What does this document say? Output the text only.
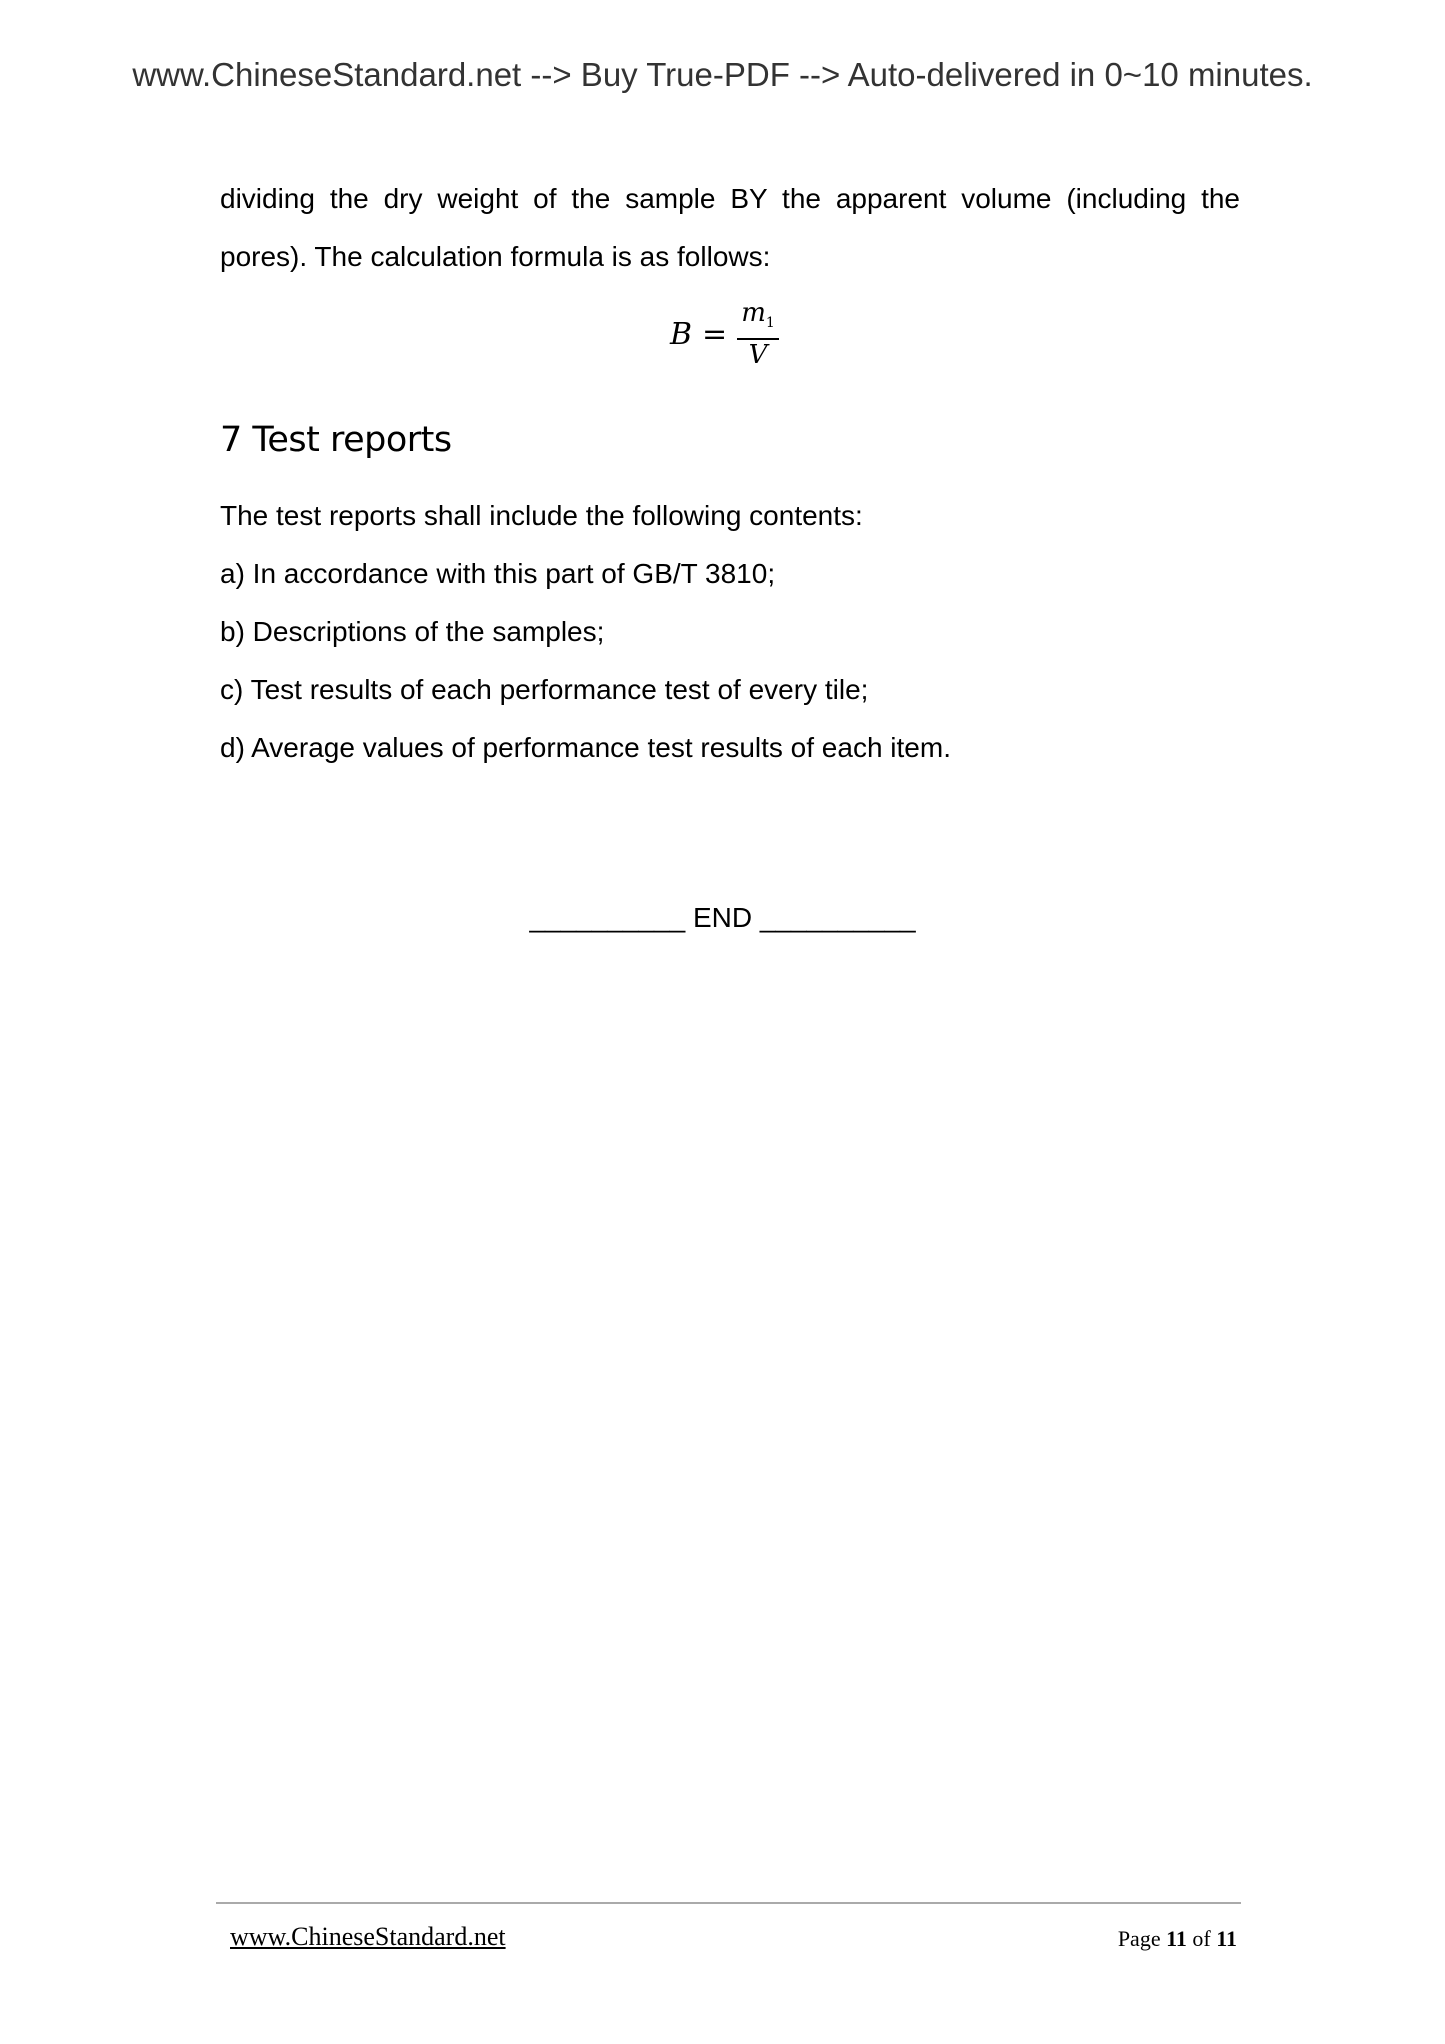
www.ChineseStandard.net --> Buy True-PDF --> Auto-delivered in 0~10 minutes.
dividing the dry weight of the sample BY the apparent volume (including the
pores). The calculation formula is as follows:
$B = \frac{m_1}{V}$
7 Test reports
The test reports shall include the following contents:
a) In accordance with this part of GB/T 3810;
b) Descriptions of the samples;
c) Test results of each performance test of every tile;
d) Average values of performance test results of each item.
__________ END __________
www.ChineseStandard.net	Page 11 of 11
